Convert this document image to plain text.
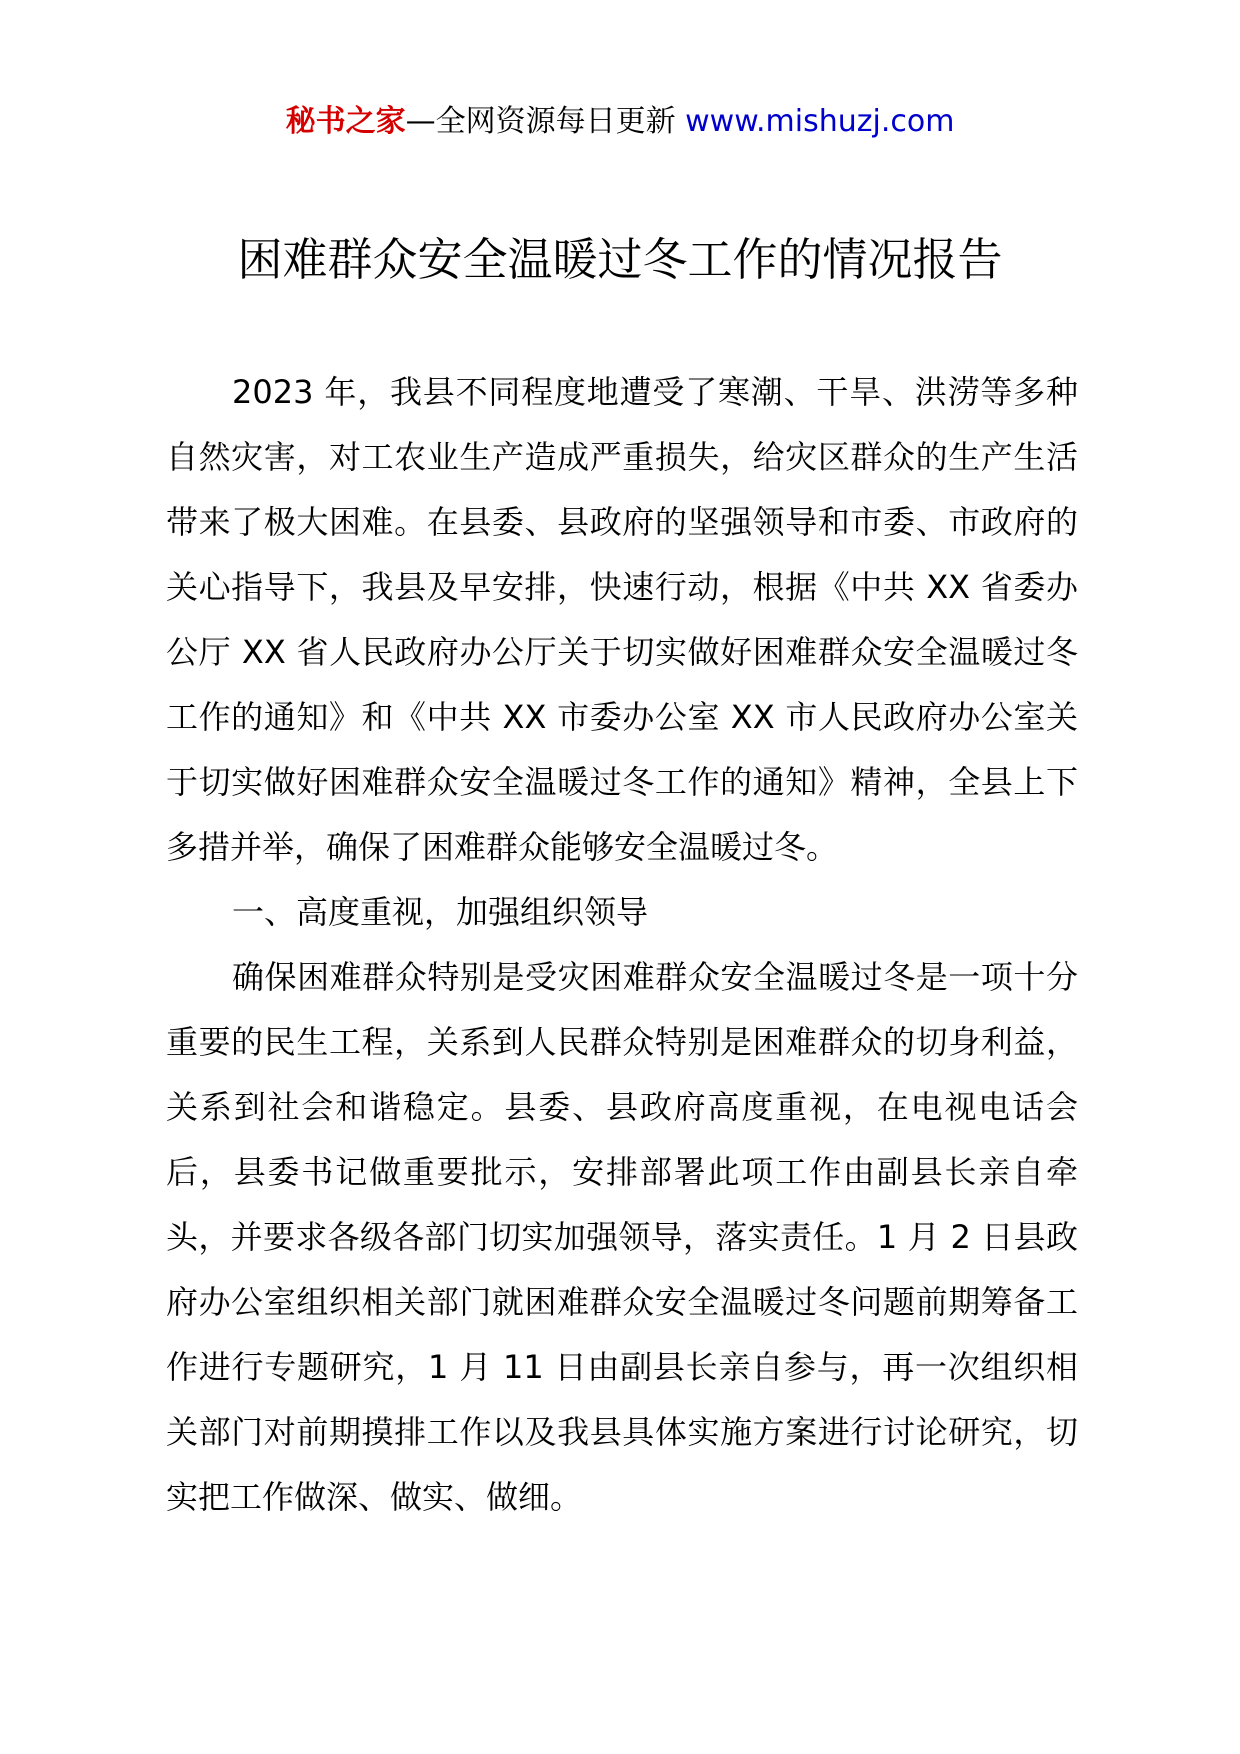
秘书之家—全网资源每日更新 www.mishuzj.com
困难群众安全温暖过冬工作的情况报告

2023 年，我县不同程度地遭受了寒潮、干旱、洪涝等多种自然灾害，对工农业生产造成严重损失，给灾区群众的生产生活带来了极大困难。在县委、县政府的坚强领导和市委、市政府的关心指导下，我县及早安排，快速行动，根据《中共 XX 省委办公厅 XX 省人民政府办公厅关于切实做好困难群众安全温暖过冬工作的通知》和《中共 XX 市委办公室 XX 市人民政府办公室关于切实做好困难群众安全温暖过冬工作的通知》精神，全县上下多措并举，确保了困难群众能够安全温暖过冬。

一、高度重视，加强组织领导

确保困难群众特别是受灾困难群众安全温暖过冬是一项十分重要的民生工程，关系到人民群众特别是困难群众的切身利益，关系到社会和谐稳定。县委、县政府高度重视，在电视电话会后，县委书记做重要批示，安排部署此项工作由副县长亲自牵头，并要求各级各部门切实加强领导，落实责任。1 月 2 日县政府办公室组织相关部门就困难群众安全温暖过冬问题前期筹备工作进行专题研究，1 月 11 日由副县长亲自参与，再一次组织相关部门对前期摸排工作以及我县具体实施方案进行讨论研究，切实把工作做深、做实、做细。
